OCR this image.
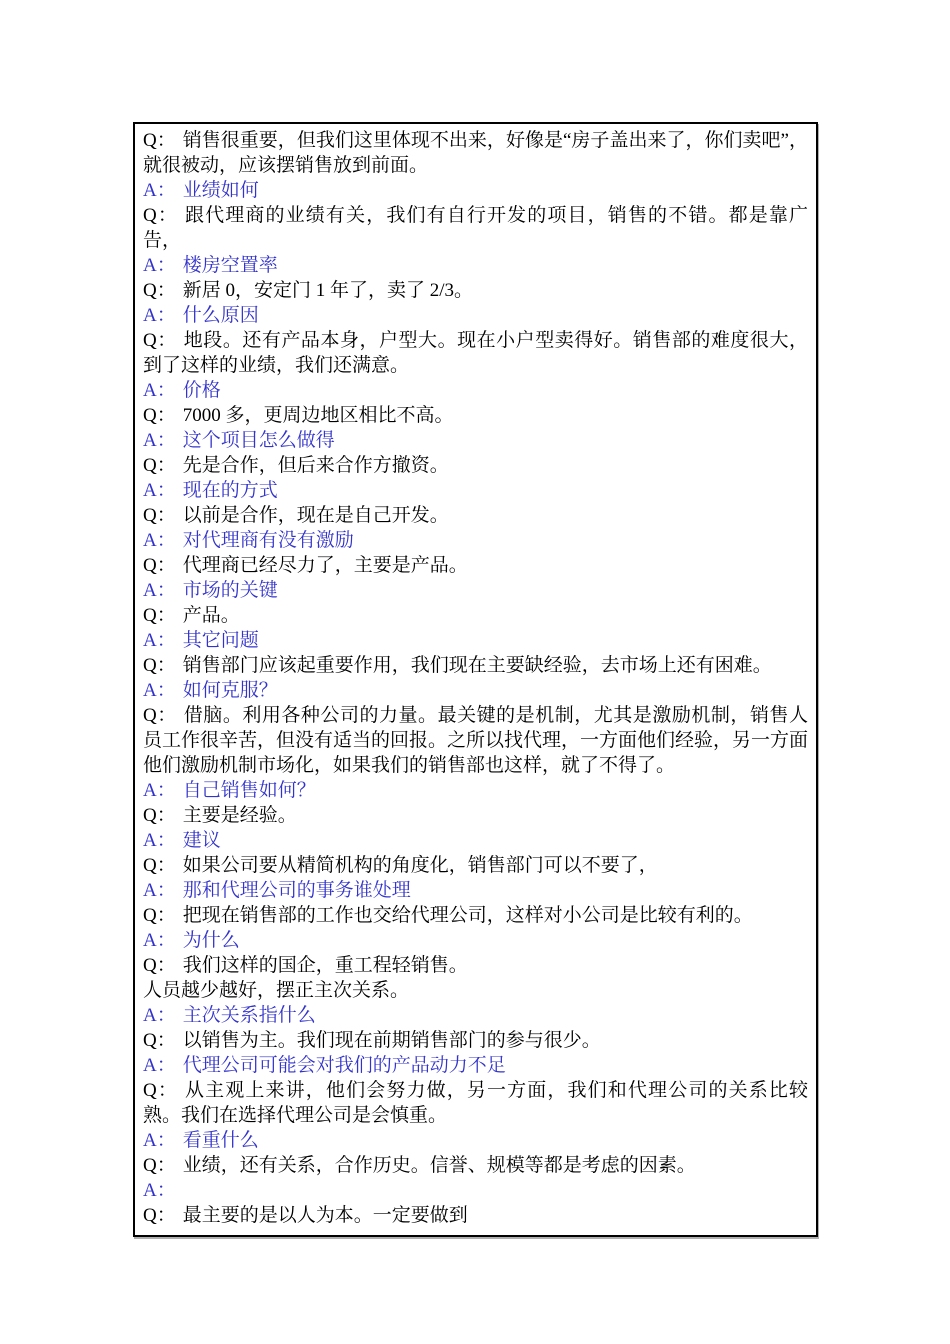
Q： 销售很重要，但我们这里体现不出来，好像是“房子盖出来了，你们卖吧”，就很被动，应该摆销售放到前面。

A： 业绩如何

Q： 跟代理商的业绩有关，我们有自行开发的项目，销售的不错。都是靠广告，

A： 楼房空置率

Q： 新居 0，安定门 1 年了，卖了 2/3。

A： 什么原因

Q： 地段。还有产品本身，户型大。现在小户型卖得好。销售部的难度很大，到了这样的业绩，我们还满意。

A： 价格

Q： 7000 多，更周边地区相比不高。

A： 这个项目怎么做得

Q： 先是合作，但后来合作方撤资。

A： 现在的方式

Q： 以前是合作，现在是自己开发。

A： 对代理商有没有激励

Q： 代理商已经尽力了，主要是产品。

A： 市场的关键

Q： 产品。

A： 其它问题

Q： 销售部门应该起重要作用，我们现在主要缺经验，去市场上还有困难。

A： 如何克服？

Q： 借脑。利用各种公司的力量。最关键的是机制，尤其是激励机制，销售人员工作很辛苦，但没有适当的回报。之所以找代理，一方面他们经验，另一方面他们激励机制市场化，如果我们的销售部也这样，就了不得了。

A： 自己销售如何？

Q： 主要是经验。

A： 建议

Q： 如果公司要从精简机构的角度化，销售部门可以不要了，

A： 那和代理公司的事务谁处理

Q： 把现在销售部的工作也交给代理公司，这样对小公司是比较有利的。

A： 为什么

Q： 我们这样的国企，重工程轻销售。

人员越少越好，摆正主次关系。

A： 主次关系指什么

Q： 以销售为主。我们现在前期销售部门的参与很少。

A： 代理公司可能会对我们的产品动力不足

Q： 从主观上来讲，他们会努力做，另一方面，我们和代理公司的关系比较熟。我们在选择代理公司是会慎重。

A： 看重什么

Q： 业绩，还有关系，合作历史。信誉、规模等都是考虑的因素。

A：

Q： 最主要的是以人为本。一定要做到
